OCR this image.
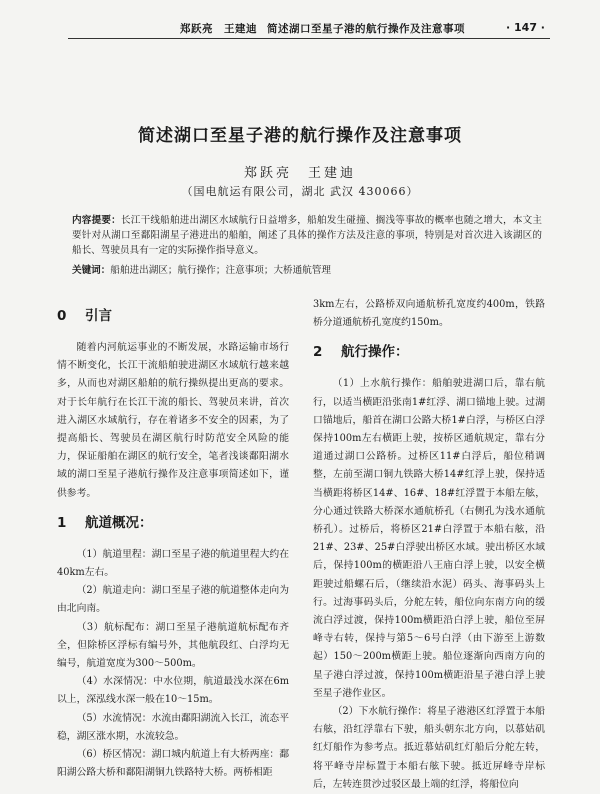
郑跃亮　王建迪 简述湖口至星子港的航行操作及注意事项	· 147 ·
简述湖口至星子港的航行操作及注意事项
郑跃亮　王建迪
（国电航运有限公司，湖北 武汉 430066）
内容提要：长江干线船舶进出湖区水域航行日益增多，船舶发生碰撞、搁浅等事故的概率也随之增大，本文主要针对从湖口至鄱阳湖星子港进出的船舶，阐述了具体的操作方法及注意的事项，特别是对首次进入该湖区的船长、驾驶员具有一定的实际操作指导意义。
关键词：船舶进出湖区；航行操作；注意事项；大桥通航管理
0 引言

随着内河航运事业的不断发展，水路运输市场行情不断变化，长江干流船舶驶进湖区水域航行越来越多，从而也对湖区船舶的航行操纵提出更高的要求。对于长年航行在长江干流的船长、驾驶员来讲，首次进入湖区水域航行，存在着诸多不安全的因素，为了提高船长、驾驶员在湖区航行时防范安全风险的能力，保证船舶在湖区的航行安全，笔者浅谈鄱阳湖水域的湖口至星子港航行操作及注意事项简述如下，谨供参考。

1 航道概况：

（1）航道里程：湖口至星子港的航道里程大约在40km左右。

（2）航道走向：湖口至星子港的航道整体走向为由北向南。

（3）航标配布：湖口至星子港航道航标配布齐全，但除桥区浮标有编号外，其他航段红、白浮均无编号，航道宽度为300～500m。

（4）水深情况：中水位期，航道最浅水深在6m以上，深泓线水深一般在10～15m。

（5）水流情况：水流由鄱阳湖流入长江，流态平稳，湖区涨水期，水流较急。

（6）桥区情况：湖口城内航道上有大桥两座：鄱阳湖公路大桥和鄱阳湖铜九铁路特大桥。两桥相距

3km左右，公路桥双向通航桥孔宽度约400m，铁路桥分道通航桥孔宽度约150m。

2 航行操作：

（1）上水航行操作：船舶驶进湖口后，靠右航行，以适当横距沿张南1#红浮、湖口锚地上驶。过湖口锚地后，船首在湖口公路大桥1#白浮，与桥区白浮保持100m左右横距上驶，按桥区通航规定，靠右分道通过湖口公路桥。过桥区11#白浮后，船位稍调整，左前至湖口铜九铁路大桥14#红浮上驶，保持适当横距将桥区14#、16#、18#红浮置于本船左舷，分心通过铁路大桥深水通航桥孔（右侧孔为浅水通航桥孔）。过桥后，将桥区21#白浮置于本船右舷，沿21#、23#、25#白浮驶出桥区水域。驶出桥区水域后，保持100m的横距沿八王庙白浮上驶，以安全横距驶过船螺石后，（继续沿水泥）码头、海事码头上行。过海事码头后，分舵左转，船位向东南方向的缓流白浮过渡，保持100m横距沿白浮上驶，船位至屏峰寺右转，保持与第5～6号白浮（由下游至上游数起）150～200m横距上驶。船位逐渐向西南方向的星子港白浮过渡，保持100m横距沿星子港白浮上驶至星子港作业区。

（2）下水航行操作：将星子港港区红浮置于本船右舷，沿红浮靠右下驶，船头朝东北方向，以慕姑矶红灯船作为参考点。抵近慕姑矶红灯船后分舵左转，将平峰寺岸标置于本船右舷下驶。抵近屏峰寺岸标后，左转连贯沙过驳区最上端的红浮，将船位向
